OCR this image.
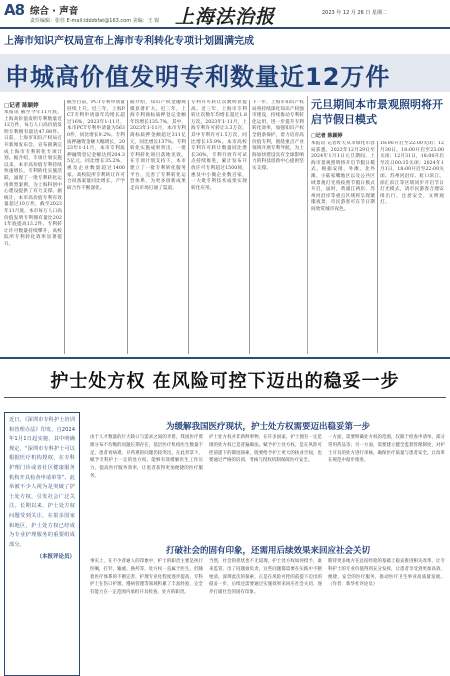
A8 综合 · 声音
责任编辑：张佳 E-mail:lddzbfat@163.com 美编：王 锐 上海法治报	2023 年 12 月 26 日 星期二
上海市知识产权局宣布上海市专利转化专项计划圆满完成
申城高价值发明专利数量近12万件
□记者 陈颖婷
本报讯 截至今年11月底，上海高价值发明专利数量近12万件，每万人口高价值发明专利拥有量达47.88件。日前，上海市知识产权局召开新闻发布会，宣布圆满完成上海市专利转化专项计划。据介绍，专项计划实施以来，本市高价值专利持续快速增长，专利转化实施活跃，涌现了一批专利转化运用典型案例，为上海科创中心建设提供了有力支撑。据统计，本市高价值专利有效量超过10万件，截至2023年11月底，本市每万人口高价值发明专利拥有量比2021年底提高13.2件。专利转让许可数量持续攀升，高校院所专利转化效率显著提升。
截至目前，PCT专利申请量持续上升。近三年，上海PCT专利申请量年均增长超过16%，2023年1-11月，本市PCT专利申请量为5630件，同比增长9.2%。专利质押融资金额大幅增长，2023年1-11月，本市专利质押融资登记金额达到204.35亿元，同比增长35.2%，惠及企业数量超过1400家。高校院所专利转让许可合同备案量同比增长，产学研合作不断深化。
据介绍，知识产权金融规模显著扩大。近三年，上海专利商标质押登记金额年均增长135.7%，其中，2023年1-11月，本市专利商标质押金额超过311亿元，同比增长137%。专利转化实施成果突出，一批专利转化项目落地见效。在专项计划支持下，本市建立了一批专利转化服务平台，完善了专利转化运营体系，为更多创新成果走向市场打通了渠道。
专利许可转让次数明显提高。近三年，上海市专利转让次数年均增长超过1.8万次。2023年1-11月，上海专利许可转让3.3万次，其中专利许可1.5万次，同比增长15.9%。本市高校专利许可转让数量同比增长30%，专利开放许可试点持续推进，累计发布开放许可专利超过1500项，惠及中小微企业数百家，一大批专利技术成果实现转化应用。
下一步，上海市知识产权局将持续深化知识产权强市建设，持续推动专利转化运用，进一步提升专利转化效率，加强知识产权全链条保护，着力培育高价值专利，围绕重点产业领域开展专利导航，为上海加快建设具有全球影响力的科技创新中心提供坚实支撑。
元旦期间本市景观照明将开启节假日模式
□记者 陈颖婷
本报讯 记者昨天从市绿化市容局获悉，2023年12月29日至2024年1月1日元旦期间，上海市景观照明将开启节假日模式。根据安排，外滩、北外滩、小陆家嘴地区以及公共区域景观灯光将按照节假日模式开启，届时，黄浦江两岸、苏州河沿岸等重点区域将呈现璀璨夜景，市民游客可在节日期间欣赏城市夜色。
18:00开启至22:00关闭；12月30日，18:00开启至23:00关闭；12月31日，18:00开启至次日00:15关闭；2024年1月1日，18:00开启至22:00关闭。苏州河沿岸、虹口滨江、徐汇滨江等区域同步开启节日灯光模式，请市民游客合理安排出行，注意安全，文明观灯。
护士处方权 在风险可控下迈出的稳妥一步
近日，《深圳市专科护士培训和管理办法》印发，自2024年1月1日起实施，其中明确规定，“深圳市专科护士可以根据医疗机构授权，在专科护理门诊或者社区健康服务机构开具检查申请单等”。此举被不少人视为是突破了护士处方权，引发社会广泛关注。长期以来，护士处方权问题受到关注，在很多国家和地区，护士处方权已经成为专业护理服务的重要组成部分。
（本报评论员）
为缓解我国医疗现状，护士处方权需要迈出稳妥第一步
由于人才数量的巨大缺口与需求之间的矛盾，我国医疗资源分布不均衡的问题长期存在，基层医疗机构医生数量不足，患者看病难、开药难的问题仍较突出。在此背景下，赋予专科护士一定的处方权，能够有效缓解医生工作压力，提高医疗服务效率，让患者获得更加便捷的医疗服务。
护士处方权并非新鲜事物，在许多国家，护士拥有一定范围的处方权已是普遍做法。赋予护士处方权，是在风险可控前提下的制度探索，既要给予护士更大的执业空间，也要通过严格的培训、考核与授权机制保障医疗安全。
一方面，需要明确处方权的范围，仅限于检查申请单、部分常用药品等；另一方面，需要建立健全监督管理制度，对护士开具的处方进行审核，确保医疗质量与患者安全，让改革在规范中稳步推进。
打破社会的固有印象，还需用后续效果来回应社会关切
事实上，在不少普通人的印象中，护士的职责主要是执行医嘱，打针、输液、换药等，处方权一直属于医生。但随着医疗体系的不断完善，护理专业化程度逐步提高，专科护士在伤口护理、慢病管理等领域积累了丰富经验，完全有能力在一定范围内承担开具检查、处方的职责。
当然，社会的担忧也不无道理。护士处方权如何授予、谁来监管、出了问题谁负责，这些问题都需要在实践中不断厘清。深圳此次的探索，正是在风险可控的前提下迈出的稳妥一步，后续还需要通过实施效果来回应社会关切，逐步打破社会的固有印象。
期待更多地方在总结经验的基础上稳妥推进相关改革，让专科护士的专业价值得到充分发挥，让患者享受到更加高效、便捷、安全的医疗服务，推动医疗卫生事业高质量发展。（作者：新华社评论员）
